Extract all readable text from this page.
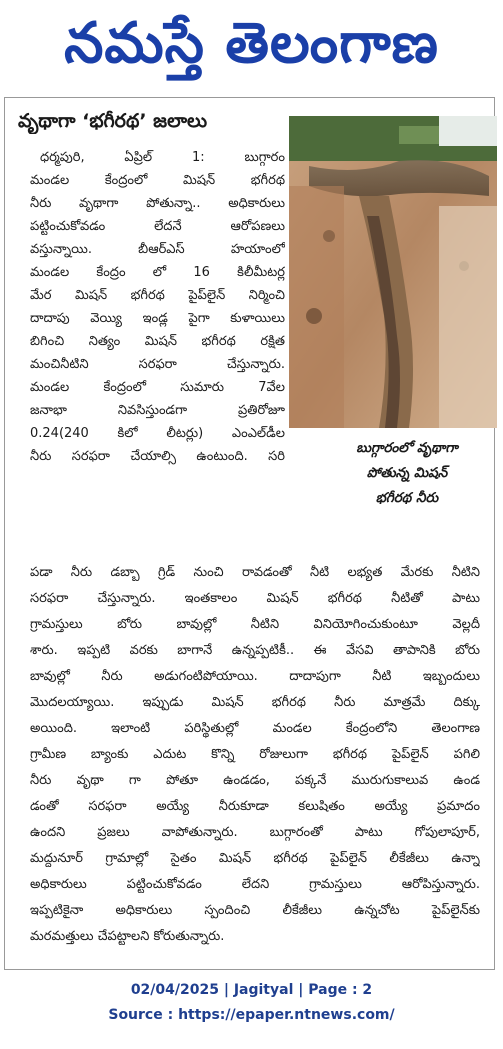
నమస్తే తెలంగాణ
వృథాగా ‘భగీరథ’ జలాలు
బుగ్గారంలో వృథాగా
పోతున్న మిషన్
భగీరథ నీరు
ధర్మపురి, ఏప్రిల్ 1: బుగ్గారం
మండల కేంద్రంలో మిషన్ భగీరథ
నీరు వృథాగా పోతున్నా.. అధికారులు
పట్టించుకోవడం లేదనే ఆరోపణలు
వస్తున్నాయి. బీఆర్ఎస్ హయాంలో
మండల కేంద్రం లో 16 కిలీమీటర్ల
మేర మిషన్ భగీరథ పైప్‌లైన్ నిర్మించి
దాదాపు వెయ్యి ఇండ్ల పైగా కుళాయిలు
బిగించి నిత్యం మిషన్ భగీరథ రక్షిత
మంచినీటిని సరఫరా చేస్తున్నారు.
మండల కేంద్రంలో సుమారు 7వేల
జనాభా నివసిస్తుండగా ప్రతిరోజూ
0.24(240 కిలో లీటర్లు) ఎంఎల్‌డీల
నీరు సరఫరా చేయాల్సి ఉంటుంది. సరి
పడా నీరు డబ్బా గ్రిడ్ నుంచి రావడంతో నీటి లభ్యత మేరకు నీటిని
సరఫరా చేస్తున్నారు. ఇంతకాలం మిషన్ భగీరథ నీటితో పాటు
గ్రామస్తులు బోరు బావుల్లో నీటిని వినియోగించుకుంటూ వెల్లదీ
శారు. ఇప్పటి వరకు బాగానే ఉన్నప్పటికీ.. ఈ వేసవి తాపానికి బోరు
బావుల్లో నీరు అడుగంటిపోయాయి. దాదాపుగా నీటి ఇబ్బందులు
మొదలయ్యాయి. ఇప్పుడు మిషన్ భగీరథ నీరు మాత్రమే దిక్కు
అయింది. ఇలాంటి పరిస్థితుల్లో మండల కేంద్రంలోని తెలంగాణ
గ్రామీణ బ్యాంకు ఎదుట కొన్ని రోజులుగా భగీరథ పైప్‌లైన్ పగిలి
నీరు వృథా గా పోతూ ఉండడం, పక్కనే మురుగుకాలువ ఉండ
డంతో సరఫరా అయ్యే నీరుకూడా కలుషితం అయ్యే ప్రమాదం
ఉందని ప్రజలు వాపోతున్నారు. బుగ్గారంతో పాటు గోపులాపూర్,
మద్దునూర్ గ్రామాల్లో సైతం మిషన్ భగీరథ పైప్‌లైన్ లీకేజీలు ఉన్నా
అధికారులు పట్టించుకోవడం లేదని గ్రామస్తులు ఆరోపిస్తున్నారు.
ఇప్పటికైనా అధికారులు స్పందించి లీకేజీలు ఉన్నచోట పైప్‌లైన్‌కు
మరమత్తులు చేపట్టాలని కోరుతున్నారు.
02/04/2025 | Jagityal | Page : 2
Source : https://epaper.ntnews.com/
